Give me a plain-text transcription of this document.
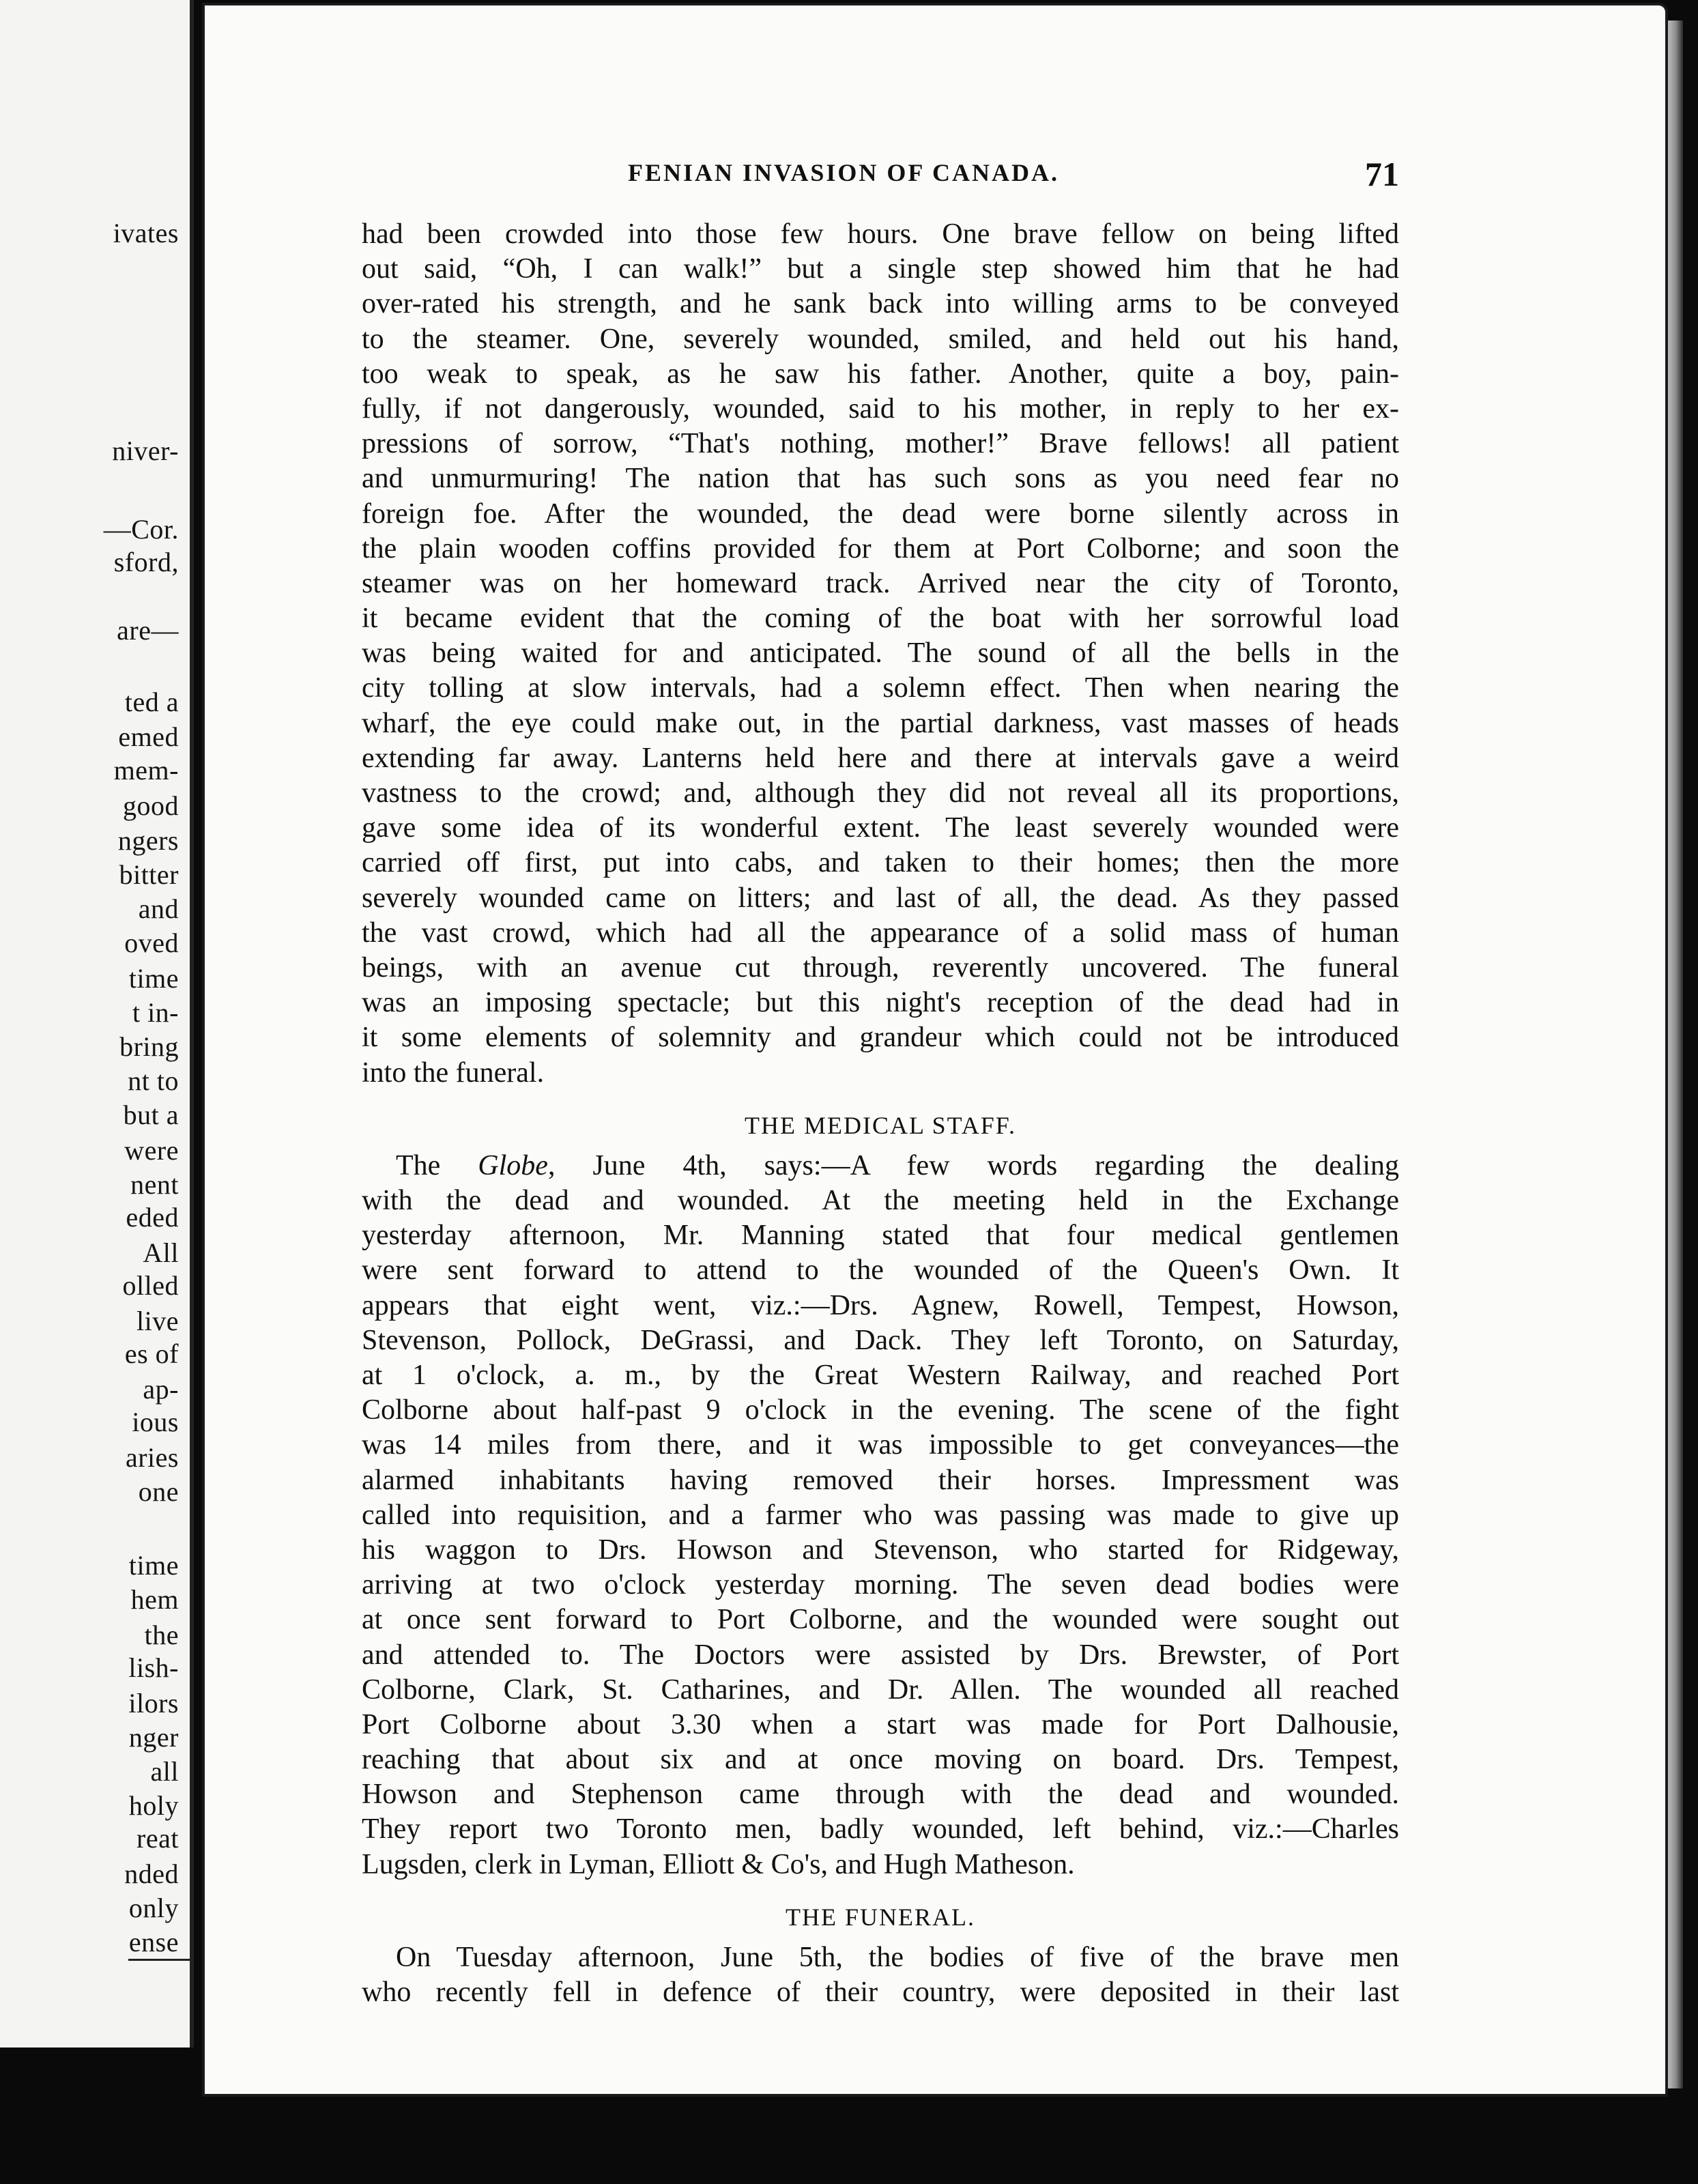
ivates
niver-
—Cor.
sford,
are—
ted a
emed
mem-
good
ngers
bitter
and
oved
time
t in-
bring
nt to
but a
were
nent
eded
All
olled
live
es of
ap-
ious
aries
one
time
hem
the
lish-
ilors
nger
all
holy
reat
nded
only
ense
FENIAN INVASION OF CANADA.	71
had been crowded into those few hours. One brave fellow on being lifted
out said, “Oh, I can walk!” but a single step showed him that he had
over-rated his strength, and he sank back into willing arms to be conveyed
to the steamer. One, severely wounded, smiled, and held out his hand,
too weak to speak, as he saw his father. Another, quite a boy, pain-
fully, if not dangerously, wounded, said to his mother, in reply to her ex-
pressions of sorrow, “That's nothing, mother!” Brave fellows! all patient
and unmurmuring! The nation that has such sons as you need fear no
foreign foe. After the wounded, the dead were borne silently across in
the plain wooden coffins provided for them at Port Colborne; and soon the
steamer was on her homeward track. Arrived near the city of Toronto,
it became evident that the coming of the boat with her sorrowful load
was being waited for and anticipated. The sound of all the bells in the
city tolling at slow intervals, had a solemn effect. Then when nearing the
wharf, the eye could make out, in the partial darkness, vast masses of heads
extending far away. Lanterns held here and there at intervals gave a weird
vastness to the crowd; and, although they did not reveal all its proportions,
gave some idea of its wonderful extent. The least severely wounded were
carried off first, put into cabs, and taken to their homes; then the more
severely wounded came on litters; and last of all, the dead. As they passed
the vast crowd, which had all the appearance of a solid mass of human
beings, with an avenue cut through, reverently uncovered. The funeral
was an imposing spectacle; but this night's reception of the dead had in
it some elements of solemnity and grandeur which could not be introduced
into the funeral.
THE MEDICAL STAFF.
The Globe, June 4th, says:—A few words regarding the dealing
with the dead and wounded. At the meeting held in the Exchange
yesterday afternoon, Mr. Manning stated that four medical gentlemen
were sent forward to attend to the wounded of the Queen's Own. It
appears that eight went, viz.:—Drs. Agnew, Rowell, Tempest, Howson,
Stevenson, Pollock, DeGrassi, and Dack. They left Toronto, on Saturday,
at 1 o'clock, a. m., by the Great Western Railway, and reached Port
Colborne about half-past 9 o'clock in the evening. The scene of the fight
was 14 miles from there, and it was impossible to get conveyances—the
alarmed inhabitants having removed their horses. Impressment was
called into requisition, and a farmer who was passing was made to give up
his waggon to Drs. Howson and Stevenson, who started for Ridgeway,
arriving at two o'clock yesterday morning. The seven dead bodies were
at once sent forward to Port Colborne, and the wounded were sought out
and attended to. The Doctors were assisted by Drs. Brewster, of Port
Colborne, Clark, St. Catharines, and Dr. Allen. The wounded all reached
Port Colborne about 3.30 when a start was made for Port Dalhousie,
reaching that about six and at once moving on board. Drs. Tempest,
Howson and Stephenson came through with the dead and wounded.
They report two Toronto men, badly wounded, left behind, viz.:—Charles
Lugsden, clerk in Lyman, Elliott & Co's, and Hugh Matheson.
THE FUNERAL.
On Tuesday afternoon, June 5th, the bodies of five of the brave men
who recently fell in defence of their country, were deposited in their last
